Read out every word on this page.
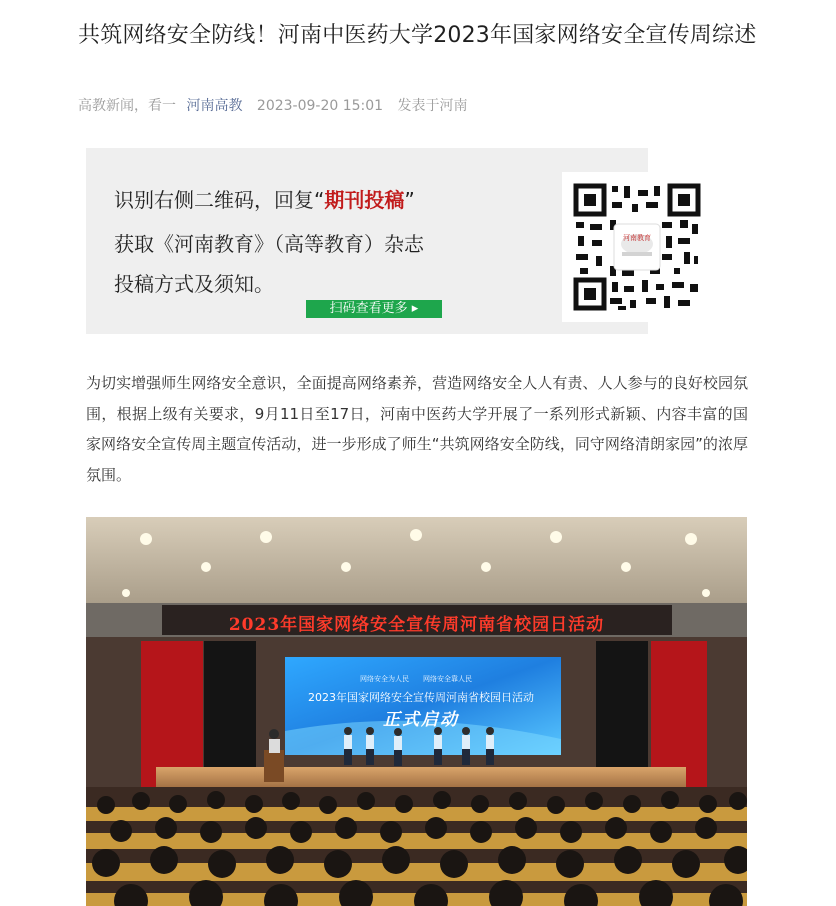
共筑网络安全防线！河南中医药大学2023年国家网络安全宣传周综述
高教新闻，看一 河南高教 2023-09-20 15:01 发表于河南
识别右侧二维码，回复“期刊投稿”
获取《河南教育》（高等教育）杂志
投稿方式及须知。
扫码查看更多 ▸
河南教育
为切实增强师生网络安全意识，全面提高网络素养，营造网络安全人人有责、人人参与的良好校园氛围，根据上级有关要求，9月11日至17日，河南中医药大学开展了一系列形式新颖、内容丰富的国家网络安全宣传周主题宣传活动，进一步形成了师生“共筑网络安全防线，同守网络清朗家园”的浓厚氛围。
2023年国家网络安全宣传周河南省校园日活动
网络安全为人民　　网络安全靠人民
2023年国家网络安全宣传周河南省校园日活动
正式启动
